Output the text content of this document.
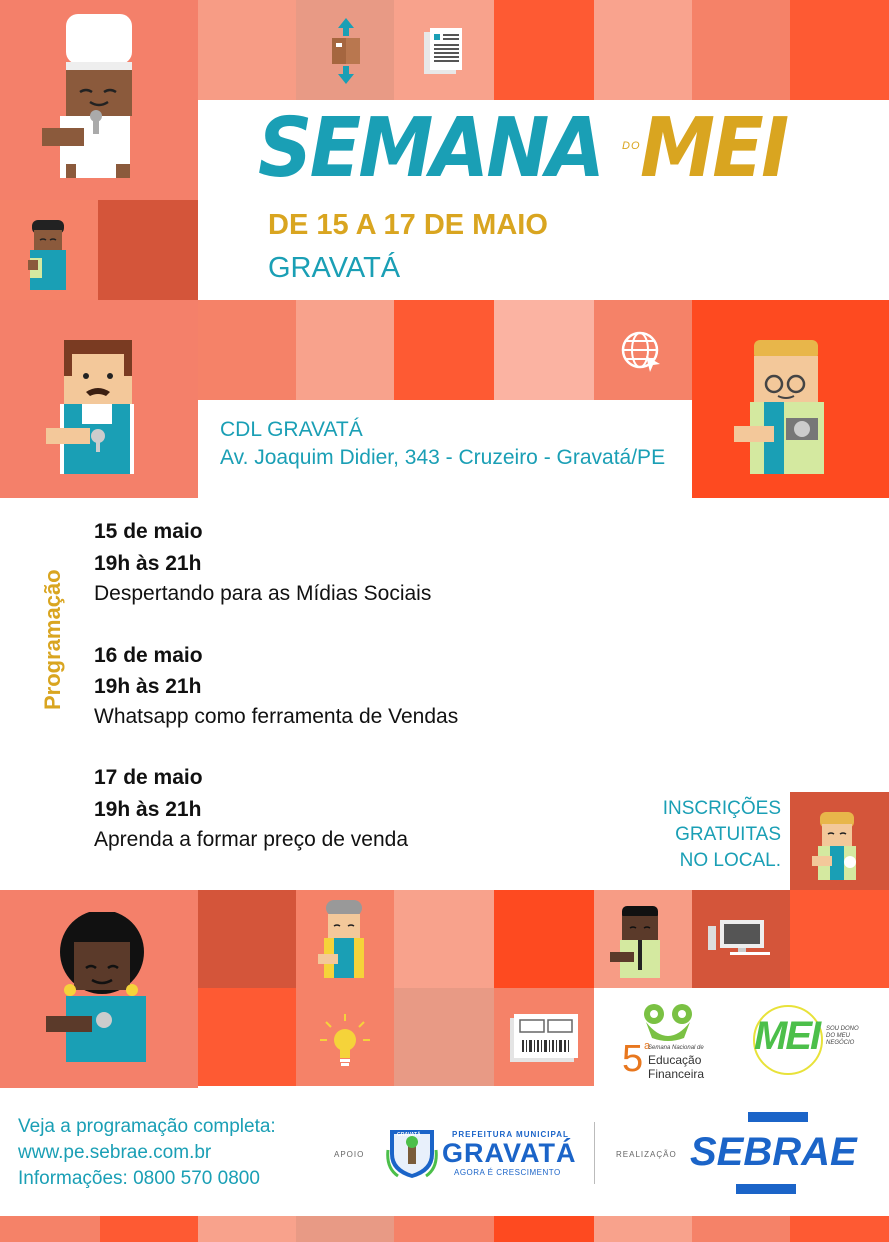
SEMANA DO MEI
DE 15 A 17 DE MAIO
GRAVATÁ
CDL GRAVATÁ
Av. Joaquim Didier, 343 - Cruzeiro - Gravatá/PE
Programação
15 de maio
19h às 21h
Despertando para as Mídias Sociais
16 de maio
19h às 21h
Whatsapp como ferramenta de Vendas
17 de maio
19h às 21h
Aprenda a formar preço de venda
INSCRIÇÕES
GRATUITAS
NO LOCAL.
$
5 a
Semana Nacional de
Educação
Financeira
MEI SOU DONO
DO MEU
NEGÓCIO
Veja a programação completa:
www.pe.sebrae.com.br
Informações: 0800 570 0800
APOIO
GRAVATÁ	PREFEITURA MUNICIPAL
GRAVATÁ
AGORA É CRESCIMENTO
REALIZAÇÃO SEBRAE
